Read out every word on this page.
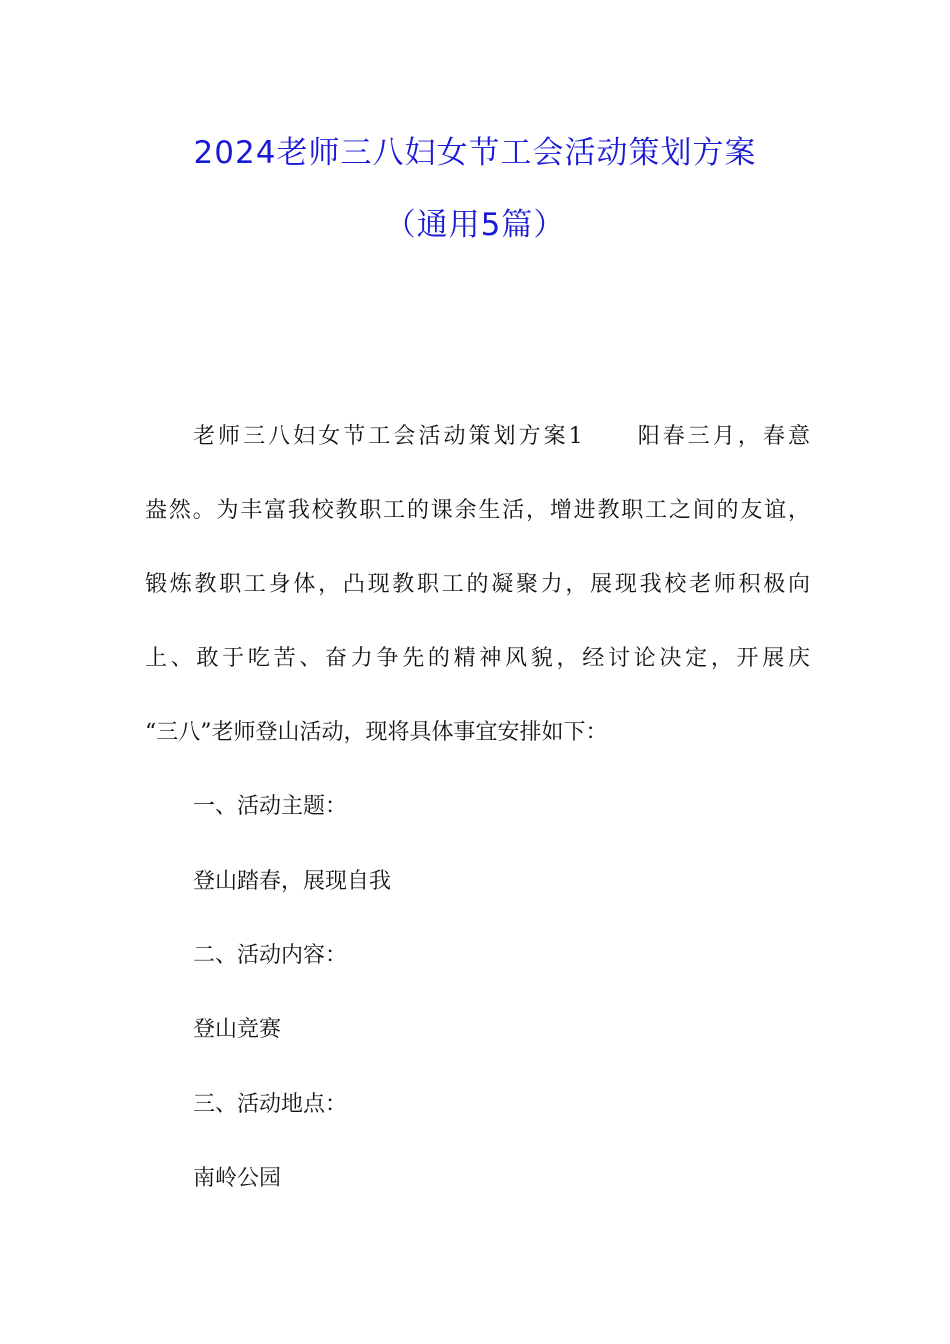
2024老师三八妇女节工会活动策划方案
（通用5篇）
老师三八妇女节工会活动策划方案1 阳春三月，春意
盎然。为丰富我校教职工的课余生活，增进教职工之间的友谊，
锻炼教职工身体，凸现教职工的凝聚力，展现我校老师积极向
上、敢于吃苦、奋力争先的精神风貌，经讨论决定，开展庆
“三八”老师登山活动，现将具体事宜安排如下：
一、活动主题：
登山踏春，展现自我
二、活动内容：
登山竞赛
三、活动地点：
南岭公园
